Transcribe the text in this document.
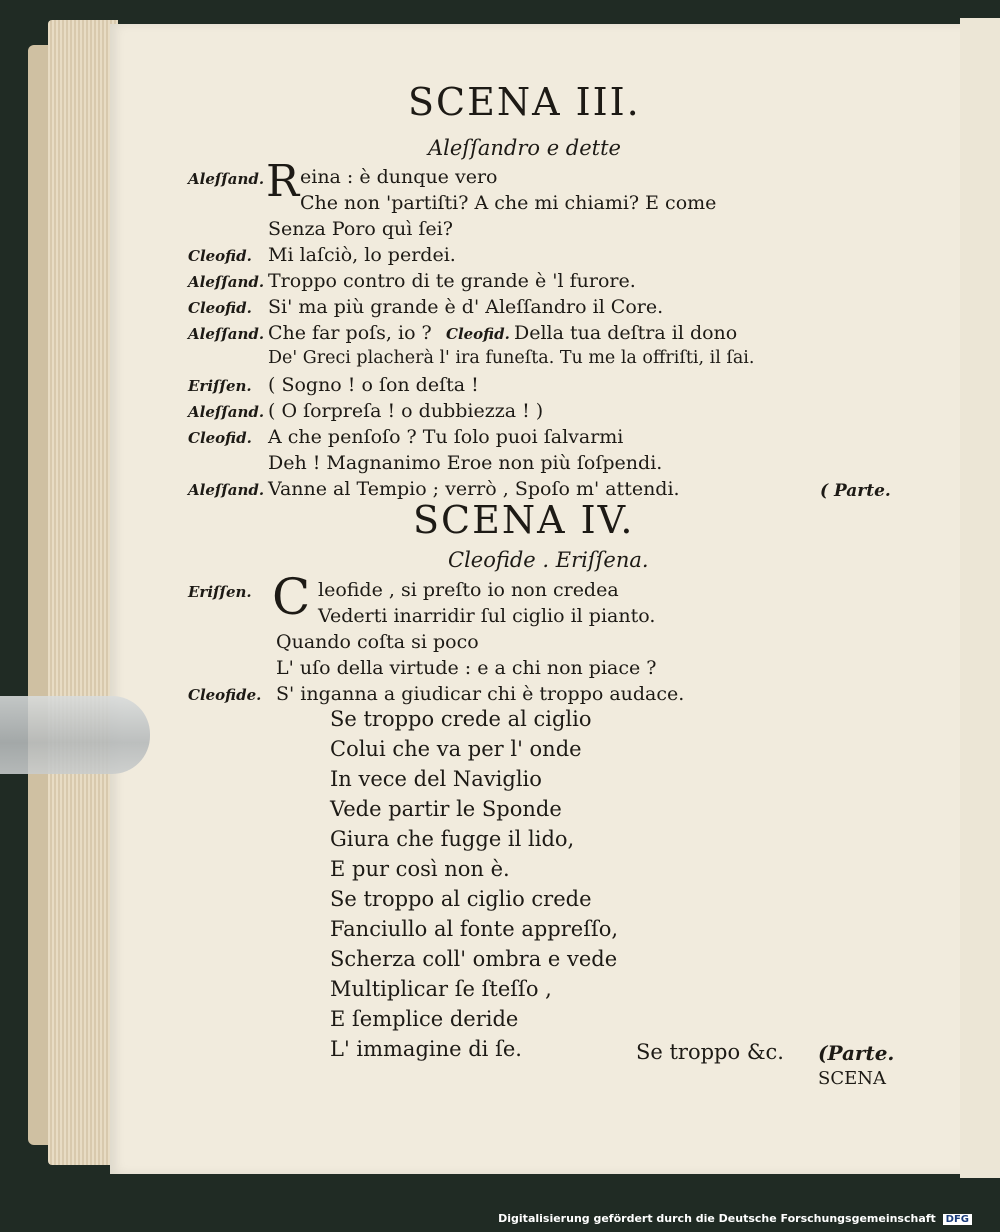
SCENA III.
Aleſſandro e dette
Aleſſand. R eina : è dunque vero
Che non 'partiſti? A che mi chiami? E come
Senza Poro quì ſei?
Cleofid. Mi laſciò, lo perdei.
Aleſſand. Troppo contro di te grande è 'l furore.
Cleofid. Si' ma più grande è d' Aleſſandro il Core.
Aleſſand. Che far poſs, io ? Cleofid. Della tua deſtra il dono
De' Greci placherà l' ira funeſta. Tu me la offriſti, il ſai.
Eriſſen. ( Sogno ! o ſon deſta !
Aleſſand. ( O ſorpreſa ! o dubbiezza ! )
Cleofid. A che penſoſo ? Tu ſolo puoi ſalvarmi
Deh ! Magnanimo Eroe non più ſoſpendi.
Aleſſand. Vanne al Tempio ; verrò , Spoſo m' attendi.	( Parte.
SCENA IV.
Cleofide . Eriſſena.
Eriſſen. C leofide , si preſto io non credea
Vederti inarridir ſul ciglio il pianto.
Quando coſta si poco
L' uſo della virtude : e a chi non piace ?
Cleofide. S' inganna a giudicar chi è troppo audace.
Se troppo crede al ciglio
Colui che va per l' onde
In vece del Naviglio
Vede partir le Sponde
Giura che fugge il lido,
E pur così non è.
Se troppo al ciglio crede
Fanciullo al fonte appreſſo,
Scherza coll' ombra e vede
Multiplicar ſe ſteſſo ,
E ſemplice deride
L' immagine di ſe.	Se troppo &c. (Parte.
SCENA
Digitalisierung gefördert durch die Deutsche Forschungsgemeinschaft DFG
